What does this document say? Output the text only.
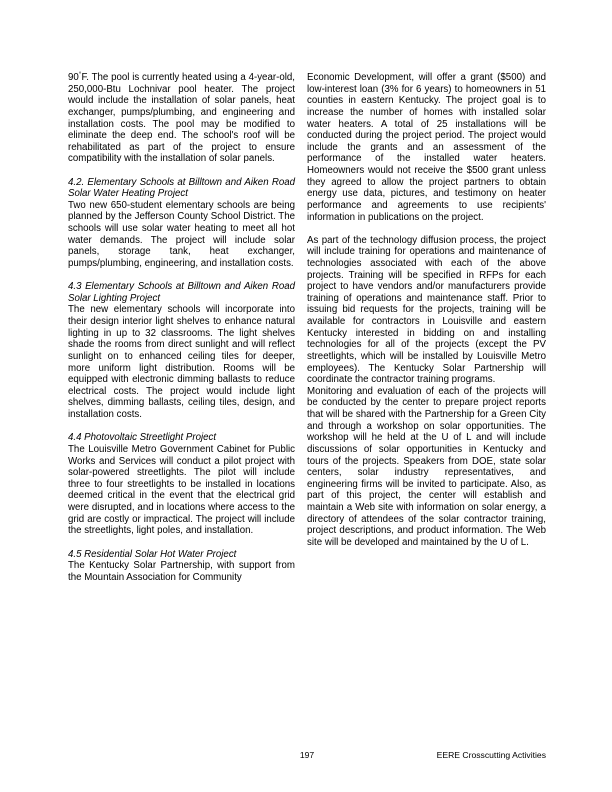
90°F. The pool is currently heated using a 4-year-old, 250,000-Btu Lochnivar pool heater. The project would include the installation of solar panels, heat exchanger, pumps/plumbing, and engineering and installation costs. The pool may be modified to eliminate the deep end. The school's roof will be rehabilitated as part of the project to ensure compatibility with the installation of solar panels.

4.2. Elementary Schools at Billtown and Aiken Road Solar Water Heating Project

Two new 650-student elementary schools are being planned by the Jefferson County School District. The schools will use solar water heating to meet all hot water demands. The project will include solar panels, storage tank, heat exchanger, pumps/plumbing, engineering, and installation costs.

4.3 Elementary Schools at Billtown and Aiken Road Solar Lighting Project

The new elementary schools will incorporate into their design interior light shelves to enhance natural lighting in up to 32 classrooms. The light shelves shade the rooms from direct sunlight and will reflect sunlight on to enhanced ceiling tiles for deeper, more uniform light distribution. Rooms will be equipped with electronic dimming ballasts to reduce electrical costs. The project would include light shelves, dimming ballasts, ceiling tiles, design, and installation costs.

4.4 Photovoltaic Streetlight Project

The Louisville Metro Government Cabinet for Public Works and Services will conduct a pilot project with solar-powered streetlights. The pilot will include three to four streetlights to be installed in locations deemed critical in the event that the electrical grid were disrupted, and in locations where access to the grid are costly or impractical. The project will include the streetlights, light poles, and installation.

4.5 Residential Solar Hot Water Project

The Kentucky Solar Partnership, with support from the Mountain Association for Community

Economic Development, will offer a grant ($500) and low-interest loan (3% for 6 years) to homeowners in 51 counties in eastern Kentucky. The project goal is to increase the number of homes with installed solar water heaters. A total of 25 installations will be conducted during the project period. The project would include the grants and an assessment of the performance of the installed water heaters. Homeowners would not receive the $500 grant unless they agreed to allow the project partners to obtain energy use data, pictures, and testimony on heater performance and agreements to use recipients' information in publications on the project.

As part of the technology diffusion process, the project will include training for operations and maintenance of technologies associated with each of the above projects. Training will be specified in RFPs for each project to have vendors and/or manufacturers provide training of operations and maintenance staff. Prior to issuing bid requests for the projects, training will be available for contractors in Louisville and eastern Kentucky interested in bidding on and installing technologies for all of the projects (except the PV streetlights, which will be installed by Louisville Metro employees). The Kentucky Solar Partnership will coordinate the contractor training programs.

Monitoring and evaluation of each of the projects will be conducted by the center to prepare project reports that will be shared with the Partnership for a Green City and through a workshop on solar opportunities. The workshop will he held at the U of L and will include discussions of solar opportunities in Kentucky and tours of the projects. Speakers from DOE, state solar centers, solar industry representatives, and engineering firms will be invited to participate. Also, as part of this project, the center will establish and maintain a Web site with information on solar energy, a directory of attendees of the solar contractor training, project descriptions, and product information. The Web site will be developed and maintained by the U of L.

197	EERE Crosscutting Activities
